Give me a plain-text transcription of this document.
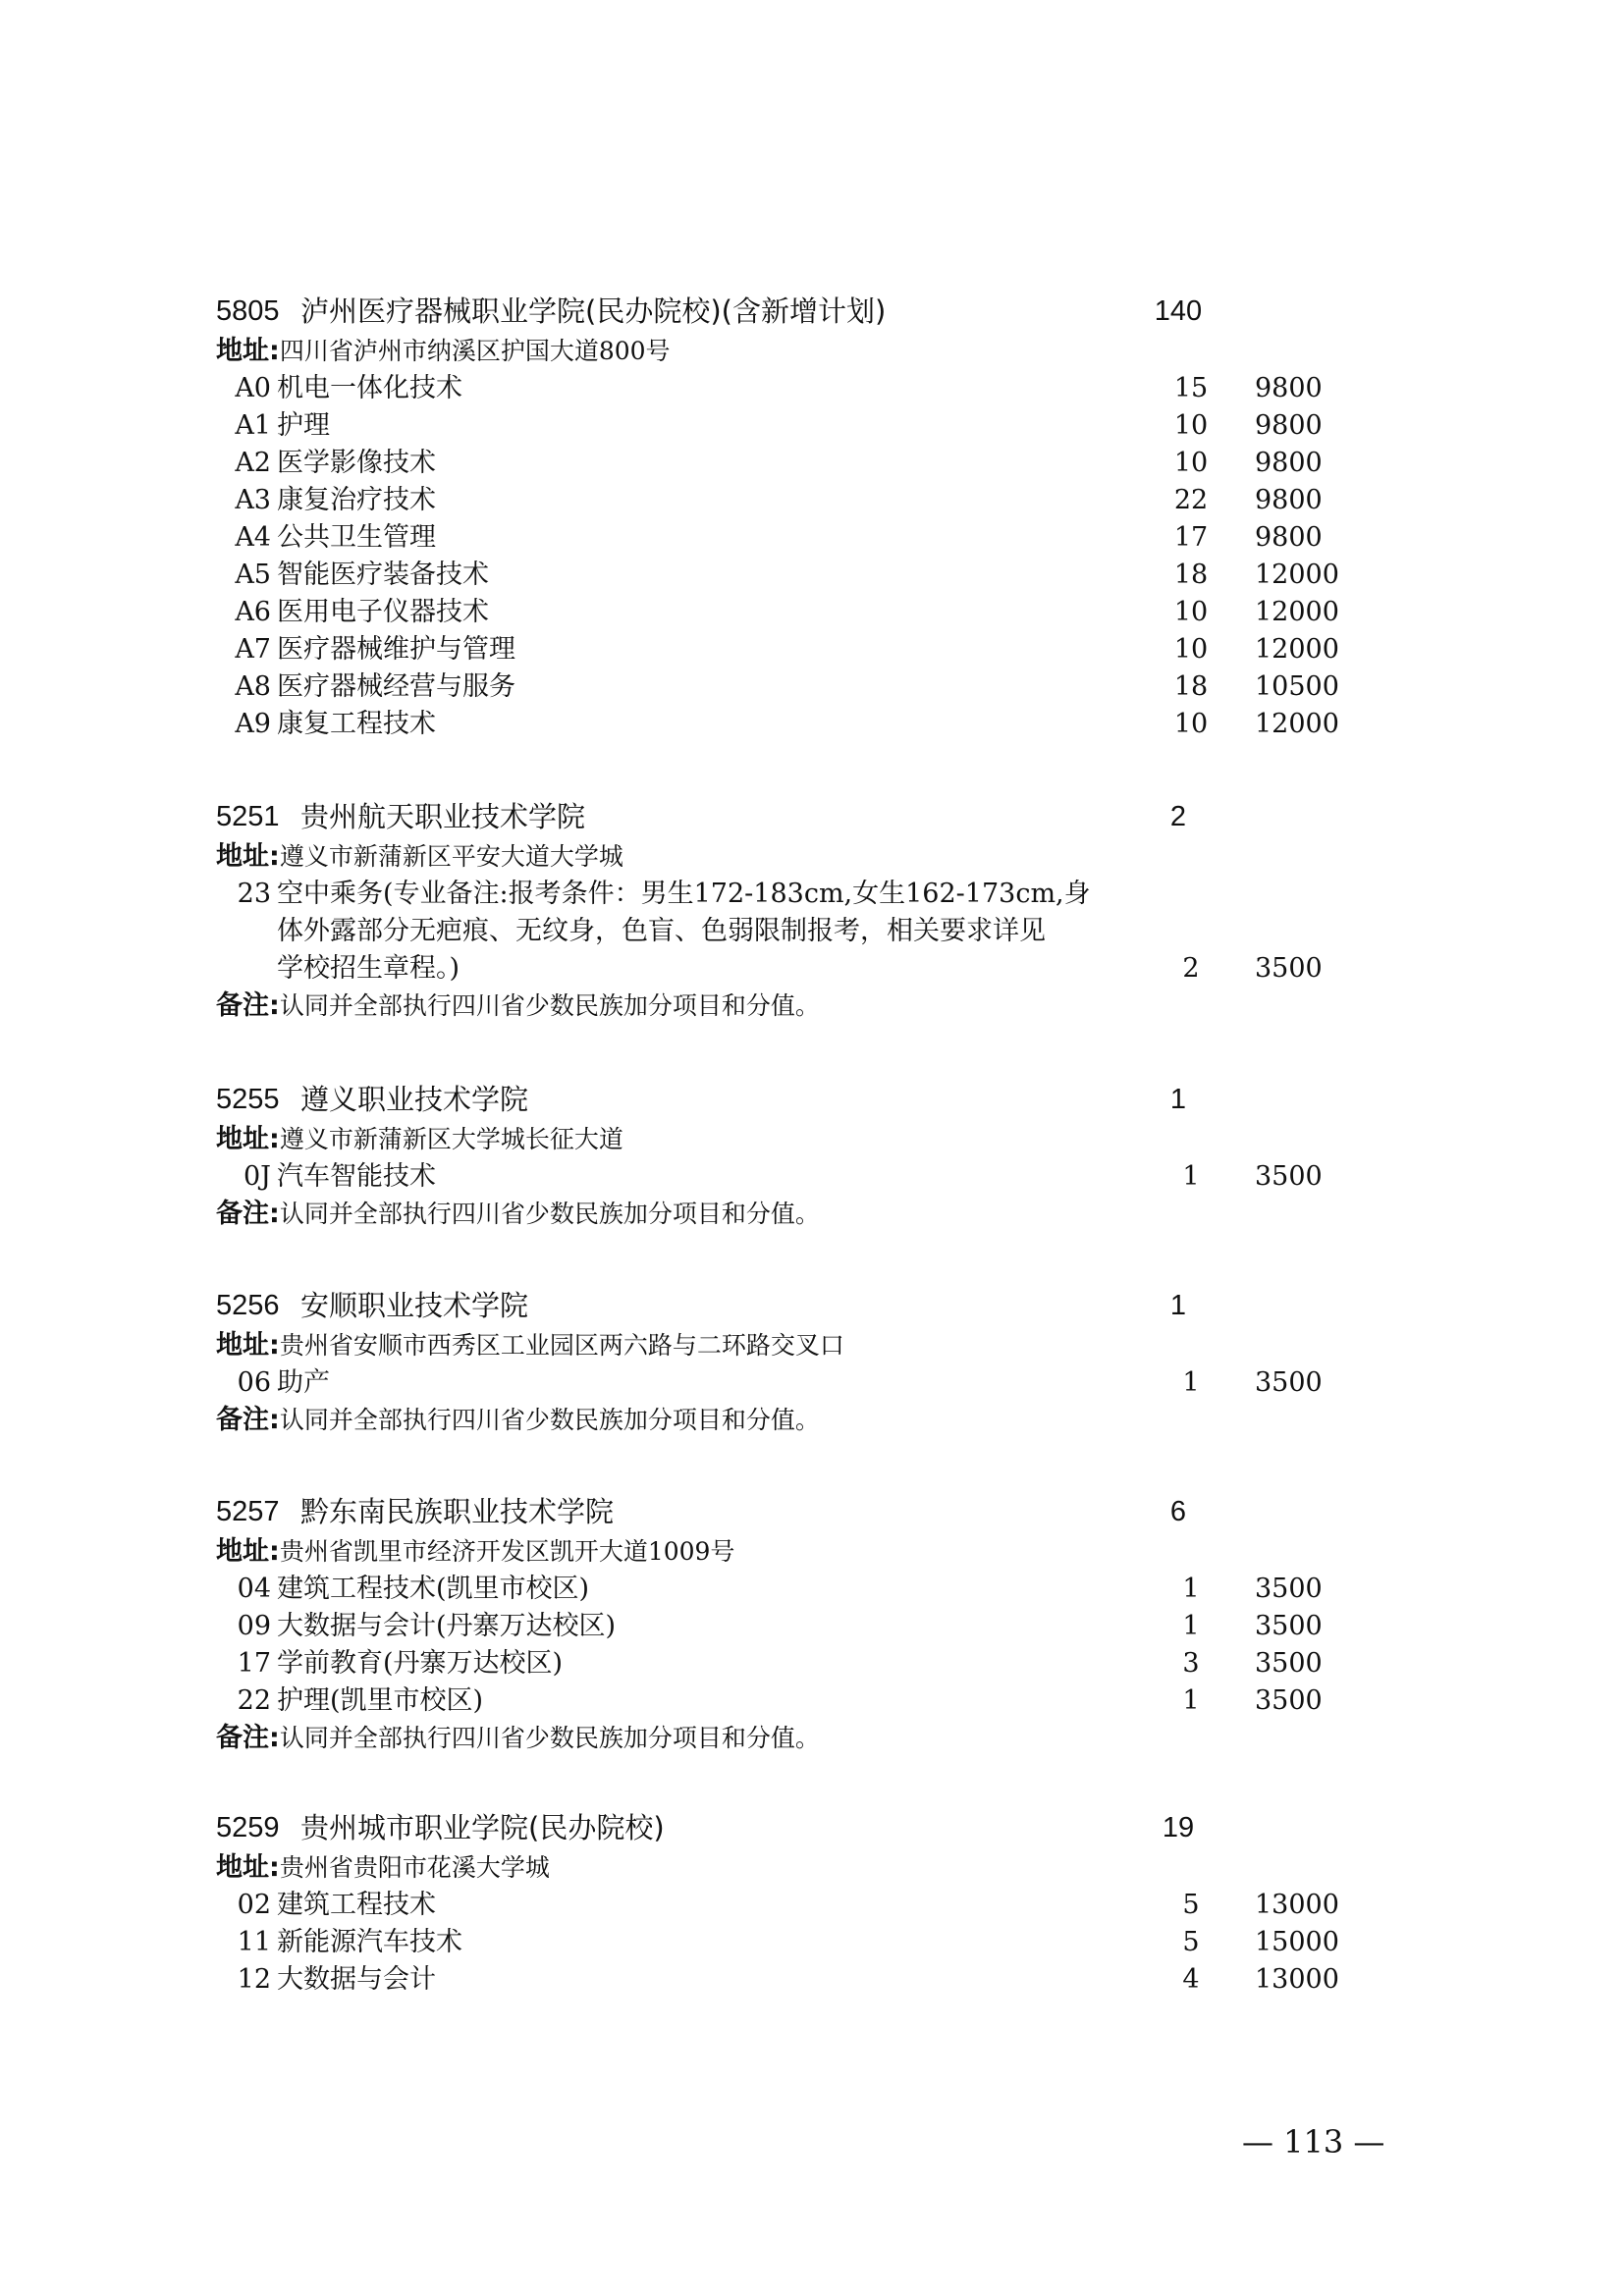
5805 泸州医疗器械职业学院(民办院校)(含新增计划)	140
地址:四川省泸州市纳溪区护国大道800号
A0 机电一体化技术	15	9800
A1 护理	10	9800
A2 医学影像技术	10	9800
A3 康复治疗技术	22	9800
A4 公共卫生管理	17	9800
A5 智能医疗装备技术	18	12000
A6 医用电子仪器技术	10	12000
A7 医疗器械维护与管理	10	12000
A8 医疗器械经营与服务	18	10500
A9 康复工程技术	10	12000
5251 贵州航天职业技术学院	2
地址:遵义市新蒲新区平安大道大学城
23 空中乘务(专业备注:报考条件：男生172-183cm,女生162-173cm,身
体外露部分无疤痕、无纹身，色盲、色弱限制报考，相关要求详见
学校招生章程。)	2	3500
备注:认同并全部执行四川省少数民族加分项目和分值。
5255 遵义职业技术学院	1
地址:遵义市新蒲新区大学城长征大道
0J 汽车智能技术	1	3500
备注:认同并全部执行四川省少数民族加分项目和分值。
5256 安顺职业技术学院	1
地址:贵州省安顺市西秀区工业园区两六路与二环路交叉口
06 助产	1	3500
备注:认同并全部执行四川省少数民族加分项目和分值。
5257 黔东南民族职业技术学院	6
地址:贵州省凯里市经济开发区凯开大道1009号
04 建筑工程技术(凯里市校区)	1	3500
09 大数据与会计(丹寨万达校区)	1	3500
17 学前教育(丹寨万达校区)	3	3500
22 护理(凯里市校区)	1	3500
备注:认同并全部执行四川省少数民族加分项目和分值。
5259 贵州城市职业学院(民办院校)	19
地址:贵州省贵阳市花溪大学城
02 建筑工程技术	5	13000
11 新能源汽车技术	5	15000
12 大数据与会计	4	13000
— 113 —
